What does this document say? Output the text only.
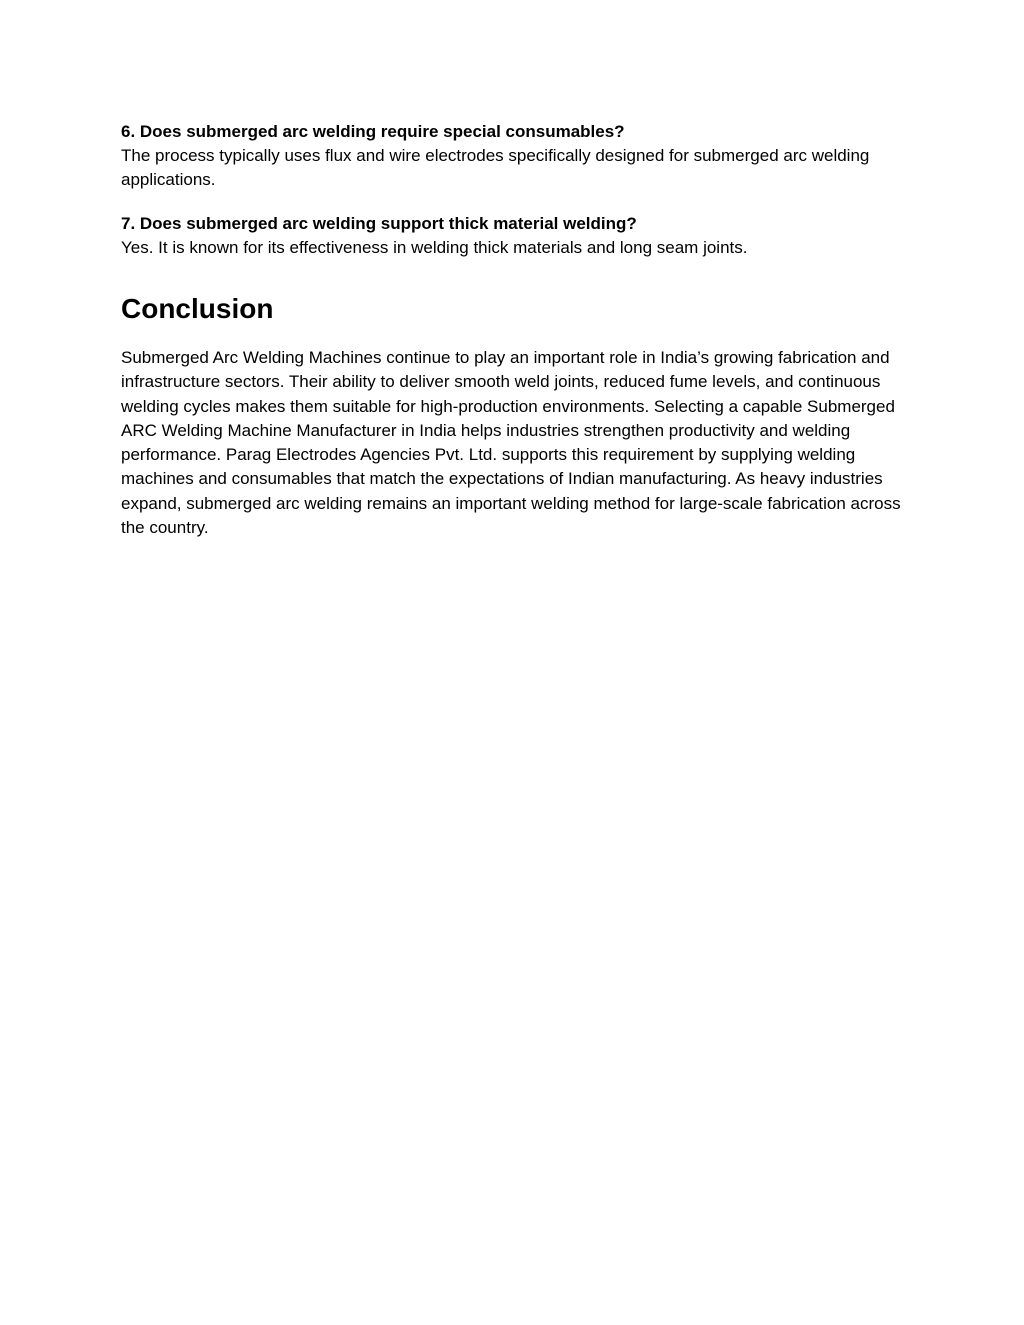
6. Does submerged arc welding require special consumables?

The process typically uses flux and wire electrodes specifically designed for submerged arc welding applications.

7. Does submerged arc welding support thick material welding?

Yes. It is known for its effectiveness in welding thick materials and long seam joints.

Conclusion

Submerged Arc Welding Machines continue to play an important role in India’s growing fabrication and infrastructure sectors. Their ability to deliver smooth weld joints, reduced fume levels, and continuous welding cycles makes them suitable for high-production environments. Selecting a capable Submerged ARC Welding Machine Manufacturer in India helps industries strengthen productivity and welding performance. Parag Electrodes Agencies Pvt. Ltd. supports this requirement by supplying welding machines and consumables that match the expectations of Indian manufacturing. As heavy industries expand, submerged arc welding remains an important welding method for large-scale fabrication across the country.
